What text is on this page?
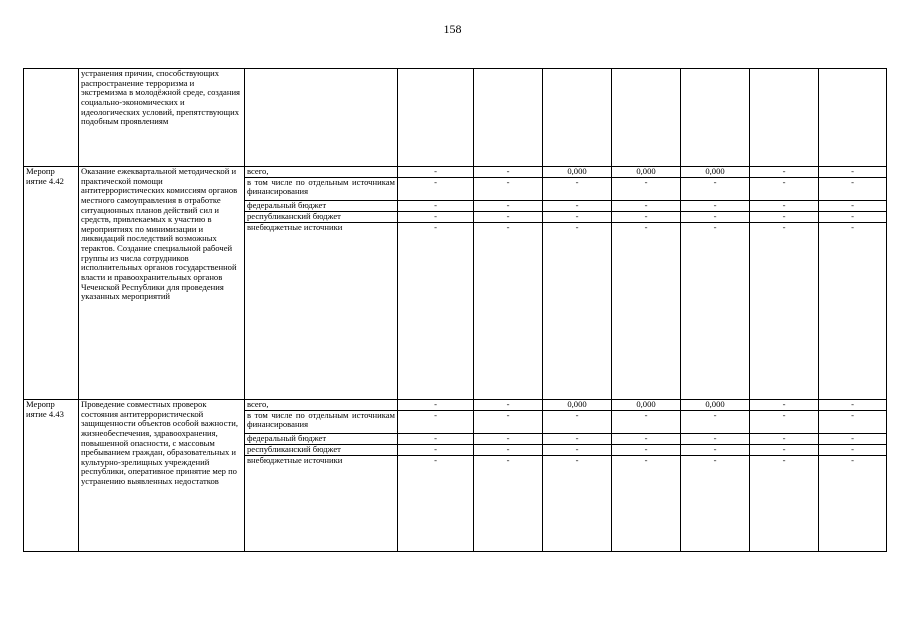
158
	устранения причин, способствующих распространение терроризма и экстремизма в молодёжной среде, создания социально-экономических и идеологических условий, препятствующих подобным проявлениям								
Меропр иятие 4.42	Оказание ежеквартальной методической и практической помощи антитеррористических комиссиям органов местного самоуправления в отработке ситуационных планов действий сил и средств, привлекаемых к участию в мероприятиях по минимизации и ликвидаций последствий возможных терактов. Создание специальной рабочей группы из числа сотрудников исполнительных органов государственной власти и правоохранительных органов Чеченской Республики для проведения указанных мероприятий	всего,	-	-	0,000	0,000	0,000	-	-
		в том числе по отдельным источникам финансирования	-	-	-	-	-	-	-
		федеральный бюджет	-	-	-	-	-	-	-
		республиканский бюджет	-	-	-	-	-	-	-
		внебюджетные источники	-	-	-	-	-	-	-
Меропр иятие 4.43	Проведение совместных проверок состояния антитеррористической защищенности объектов особой важности, жизнеобеспечения, здравоохранения, повышенной опасности, с массовым пребыванием граждан, образовательных и культурно-зрелищных учреждений республики, оперативное принятие мер по устранению выявленных недостатков	всего,	-	-	0,000	0,000	0,000	-	-
		в том числе по отдельным источникам финансирования	-	-	-	-	-	-	-
		федеральный бюджет	-	-	-	-	-	-	-
		республиканский бюджет	-	-	-	-	-	-	-
		внебюджетные источники	-	-	-	-	-	-	-
